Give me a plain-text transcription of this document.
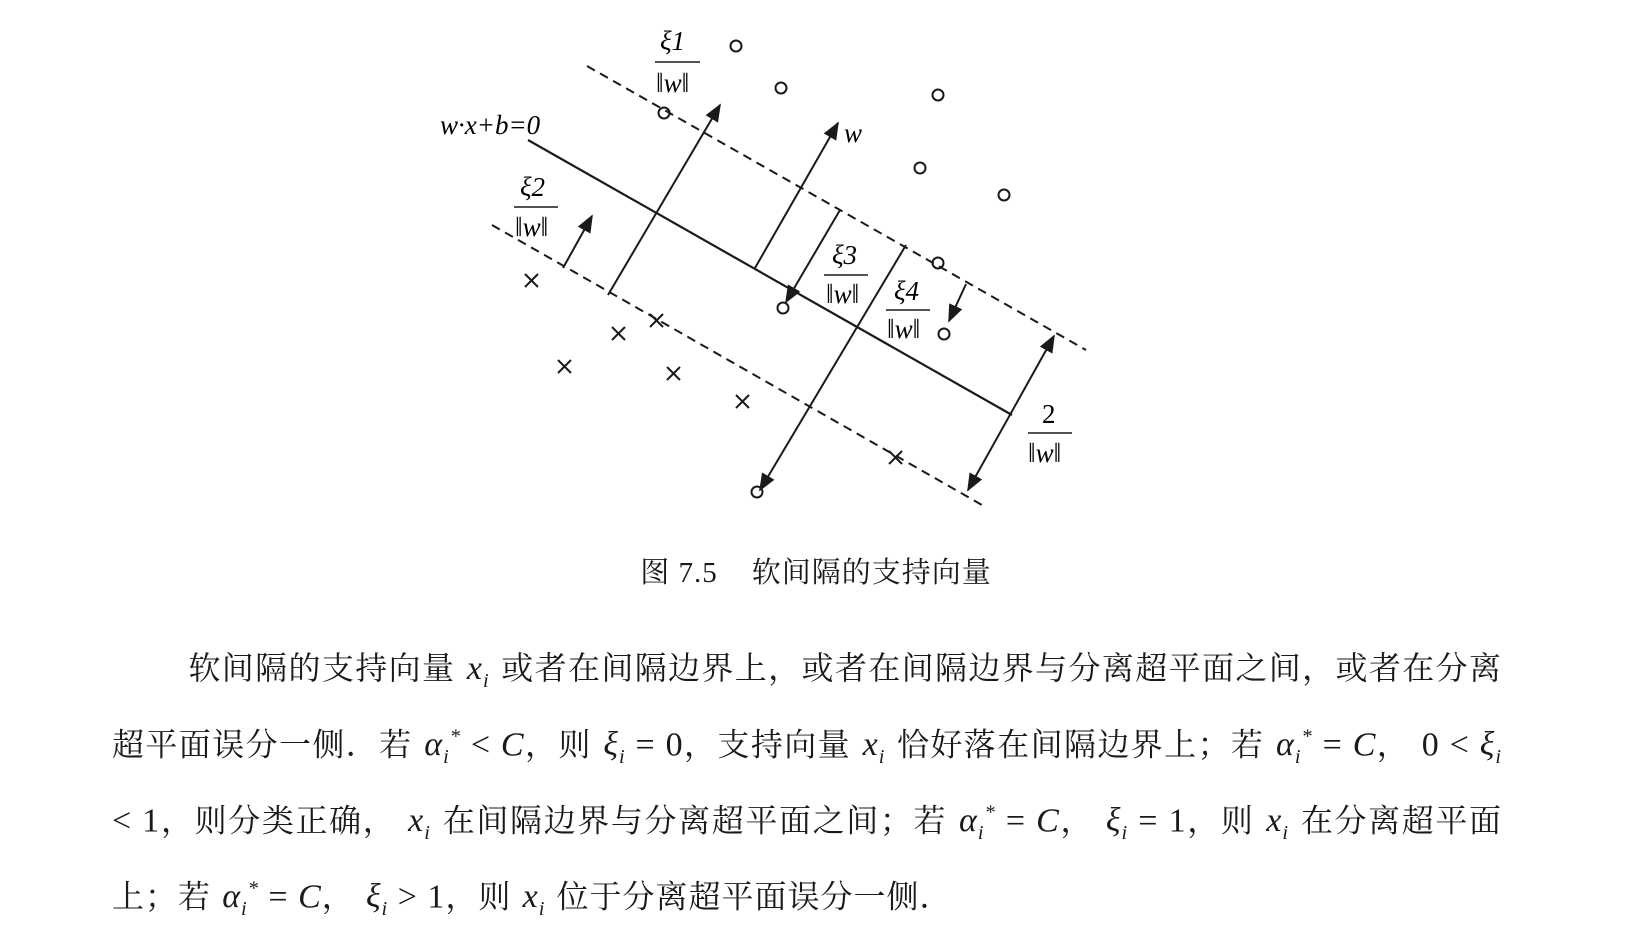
w·x+b=0	w
ξ1
‖w‖
ξ2
‖w‖
ξ3
‖w‖ ξ4
‖w‖
2
‖w‖
图 7.5 软间隔的支持向量
软间隔的支持向量 $x_i$ 或者在间隔边界上，或者在间隔边界与分离超平面之间，或者在分离超平面误分一侧．若 $\alpha_i^* < C$，则 $\xi_i = 0$，支持向量 $x_i$ 恰好落在间隔边界上；若 $\alpha_i^* = C$， $0 < \xi_i < 1$，则分类正确， $x_i$ 在间隔边界与分离超平面之间；若 $\alpha_i^* = C$， $\xi_i = 1$，则 $x_i$ 在分离超平面上；若 $\alpha_i^* = C$， $\xi_i > 1$，则 $x_i$ 位于分离超平面误分一侧．
